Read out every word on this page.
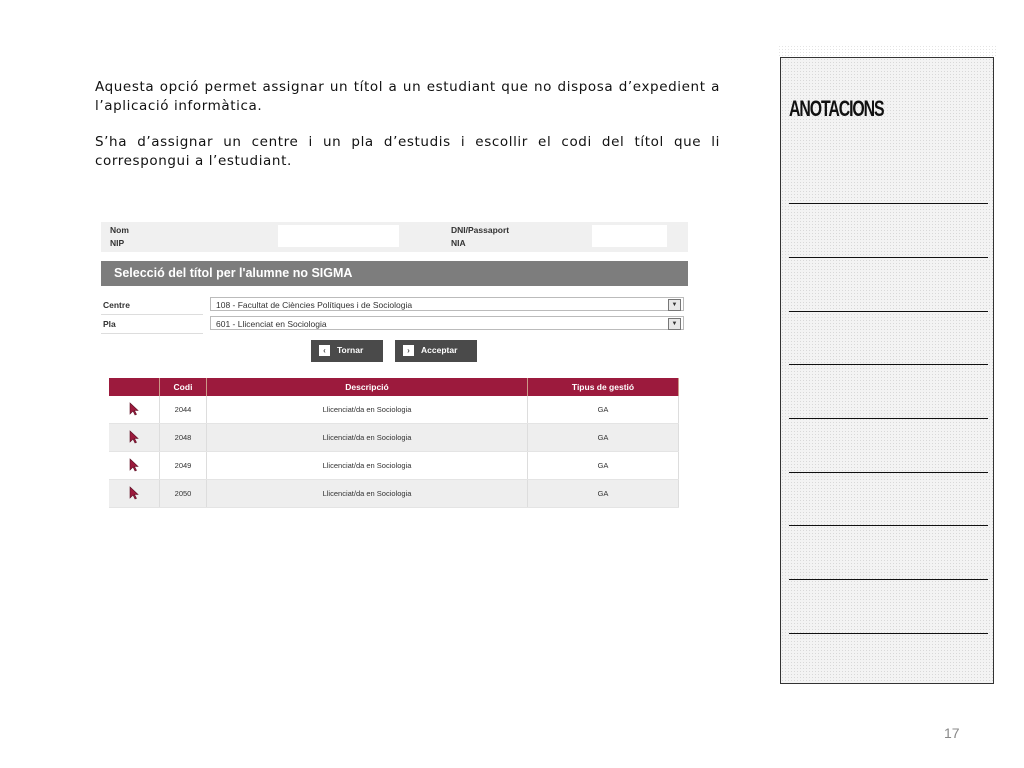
Aquesta opció permet assignar un títol a un estudiant que no disposa d’expedient a l’aplicació informàtica.

S’ha d’assignar un centre i un pla d’estudis i escollir el codi del títol que li correspongui a l’estudiant.

Nom
NIP
DNI/Passaport
NIA
Selecció del títol per l'alumne no SIGMA
Centre	108 - Facultat de Ciències Polítiques i de Sociologia	▼
Pla	601 - Llicenciat en Sociologia	▼
‹	Tornar	›	Acceptar
	Codi	Descripció	Tipus de gestió
	2044	Llicenciat/da en Sociologia	GA
	2048	Llicenciat/da en Sociologia	GA
	2049	Llicenciat/da en Sociologia	GA
	2050	Llicenciat/da en Sociologia	GA
ANOTACIONS
17
